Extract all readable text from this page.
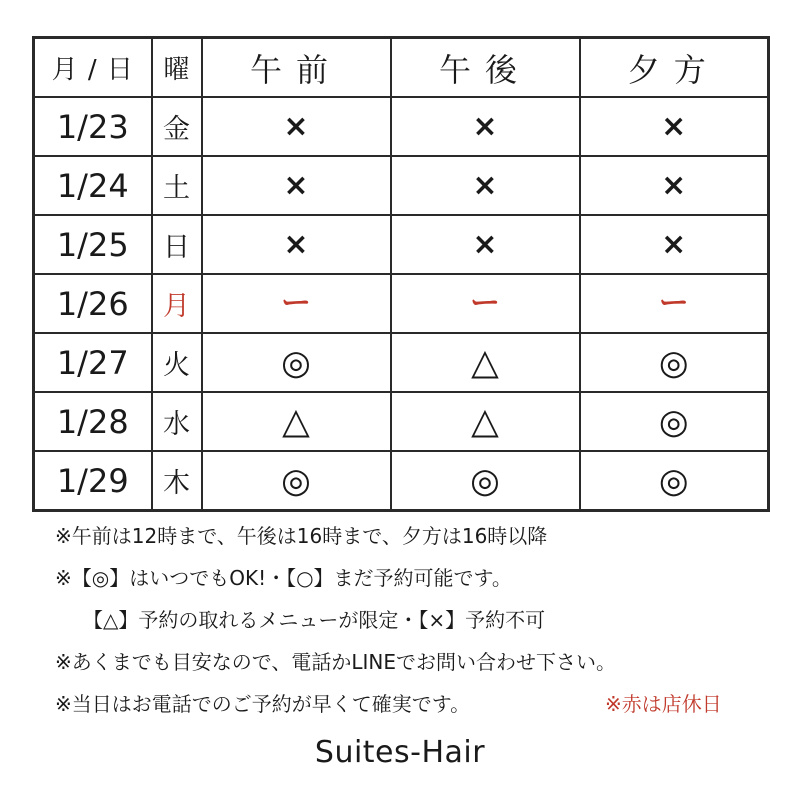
月 / 日	曜	午前	午後	夕方
1/23	金	×	×	×
1/24	土	×	×	×
1/25	日	×	×	×
1/26	月	ー	ー	ー
1/27	火	◎	△	◎
1/28	水	△	△	◎
1/29	木	◎	◎	◎
※午前は12時まで、午後は16時まで、夕方は16時以降
※【◎】はいつでもOK!・【○】まだ予約可能です。
【△】予約の取れるメニューが限定・【×】予約不可
※あくまでも目安なので、電話かLINEでお問い合わせ下さい。
※当日はお電話でのご予約が早くて確実です。	※赤は店休日
Suites-Hair
